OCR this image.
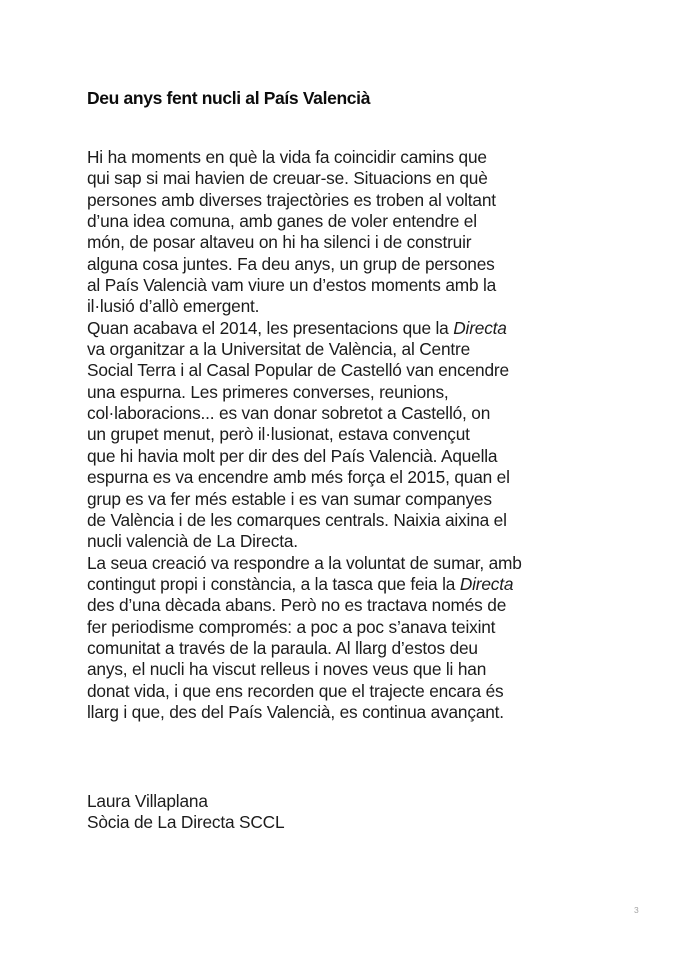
Deu anys fent nucli al País Valencià
Hi ha moments en què la vida fa coincidir camins que
qui sap si mai havien de creuar-se. Situacions en què
persones amb diverses trajectòries es troben al voltant
d’una idea comuna, amb ganes de voler entendre el
món, de posar altaveu on hi ha silenci i de construir
alguna cosa juntes. Fa deu anys, un grup de persones
al País Valencià vam viure un d’estos moments amb la
il·lusió d’allò emergent.
Quan acabava el 2014, les presentacions que la Directa
va organitzar a la Universitat de València, al Centre
Social Terra i al Casal Popular de Castelló van encendre
una espurna. Les primeres converses, reunions,
col·laboracions... es van donar sobretot a Castelló, on
un grupet menut, però il·lusionat, estava convençut
que hi havia molt per dir des del País Valencià. Aquella
espurna es va encendre amb més força el 2015, quan el
grup es va fer més estable i es van sumar companyes
de València i de les comarques centrals. Naixia aixina el
nucli valencià de La Directa.
La seua creació va respondre a la voluntat de sumar, amb
contingut propi i constància, a la tasca que feia la Directa
des d’una dècada abans. Però no es tractava només de
fer periodisme compromés: a poc a poc s’anava teixint
comunitat a través de la paraula. Al llarg d’estos deu
anys, el nucli ha viscut relleus i noves veus que li han
donat vida, i que ens recorden que el trajecte encara és
llarg i que, des del País Valencià, es continua avançant.
Laura Villaplana
Sòcia de La Directa SCCL
3
